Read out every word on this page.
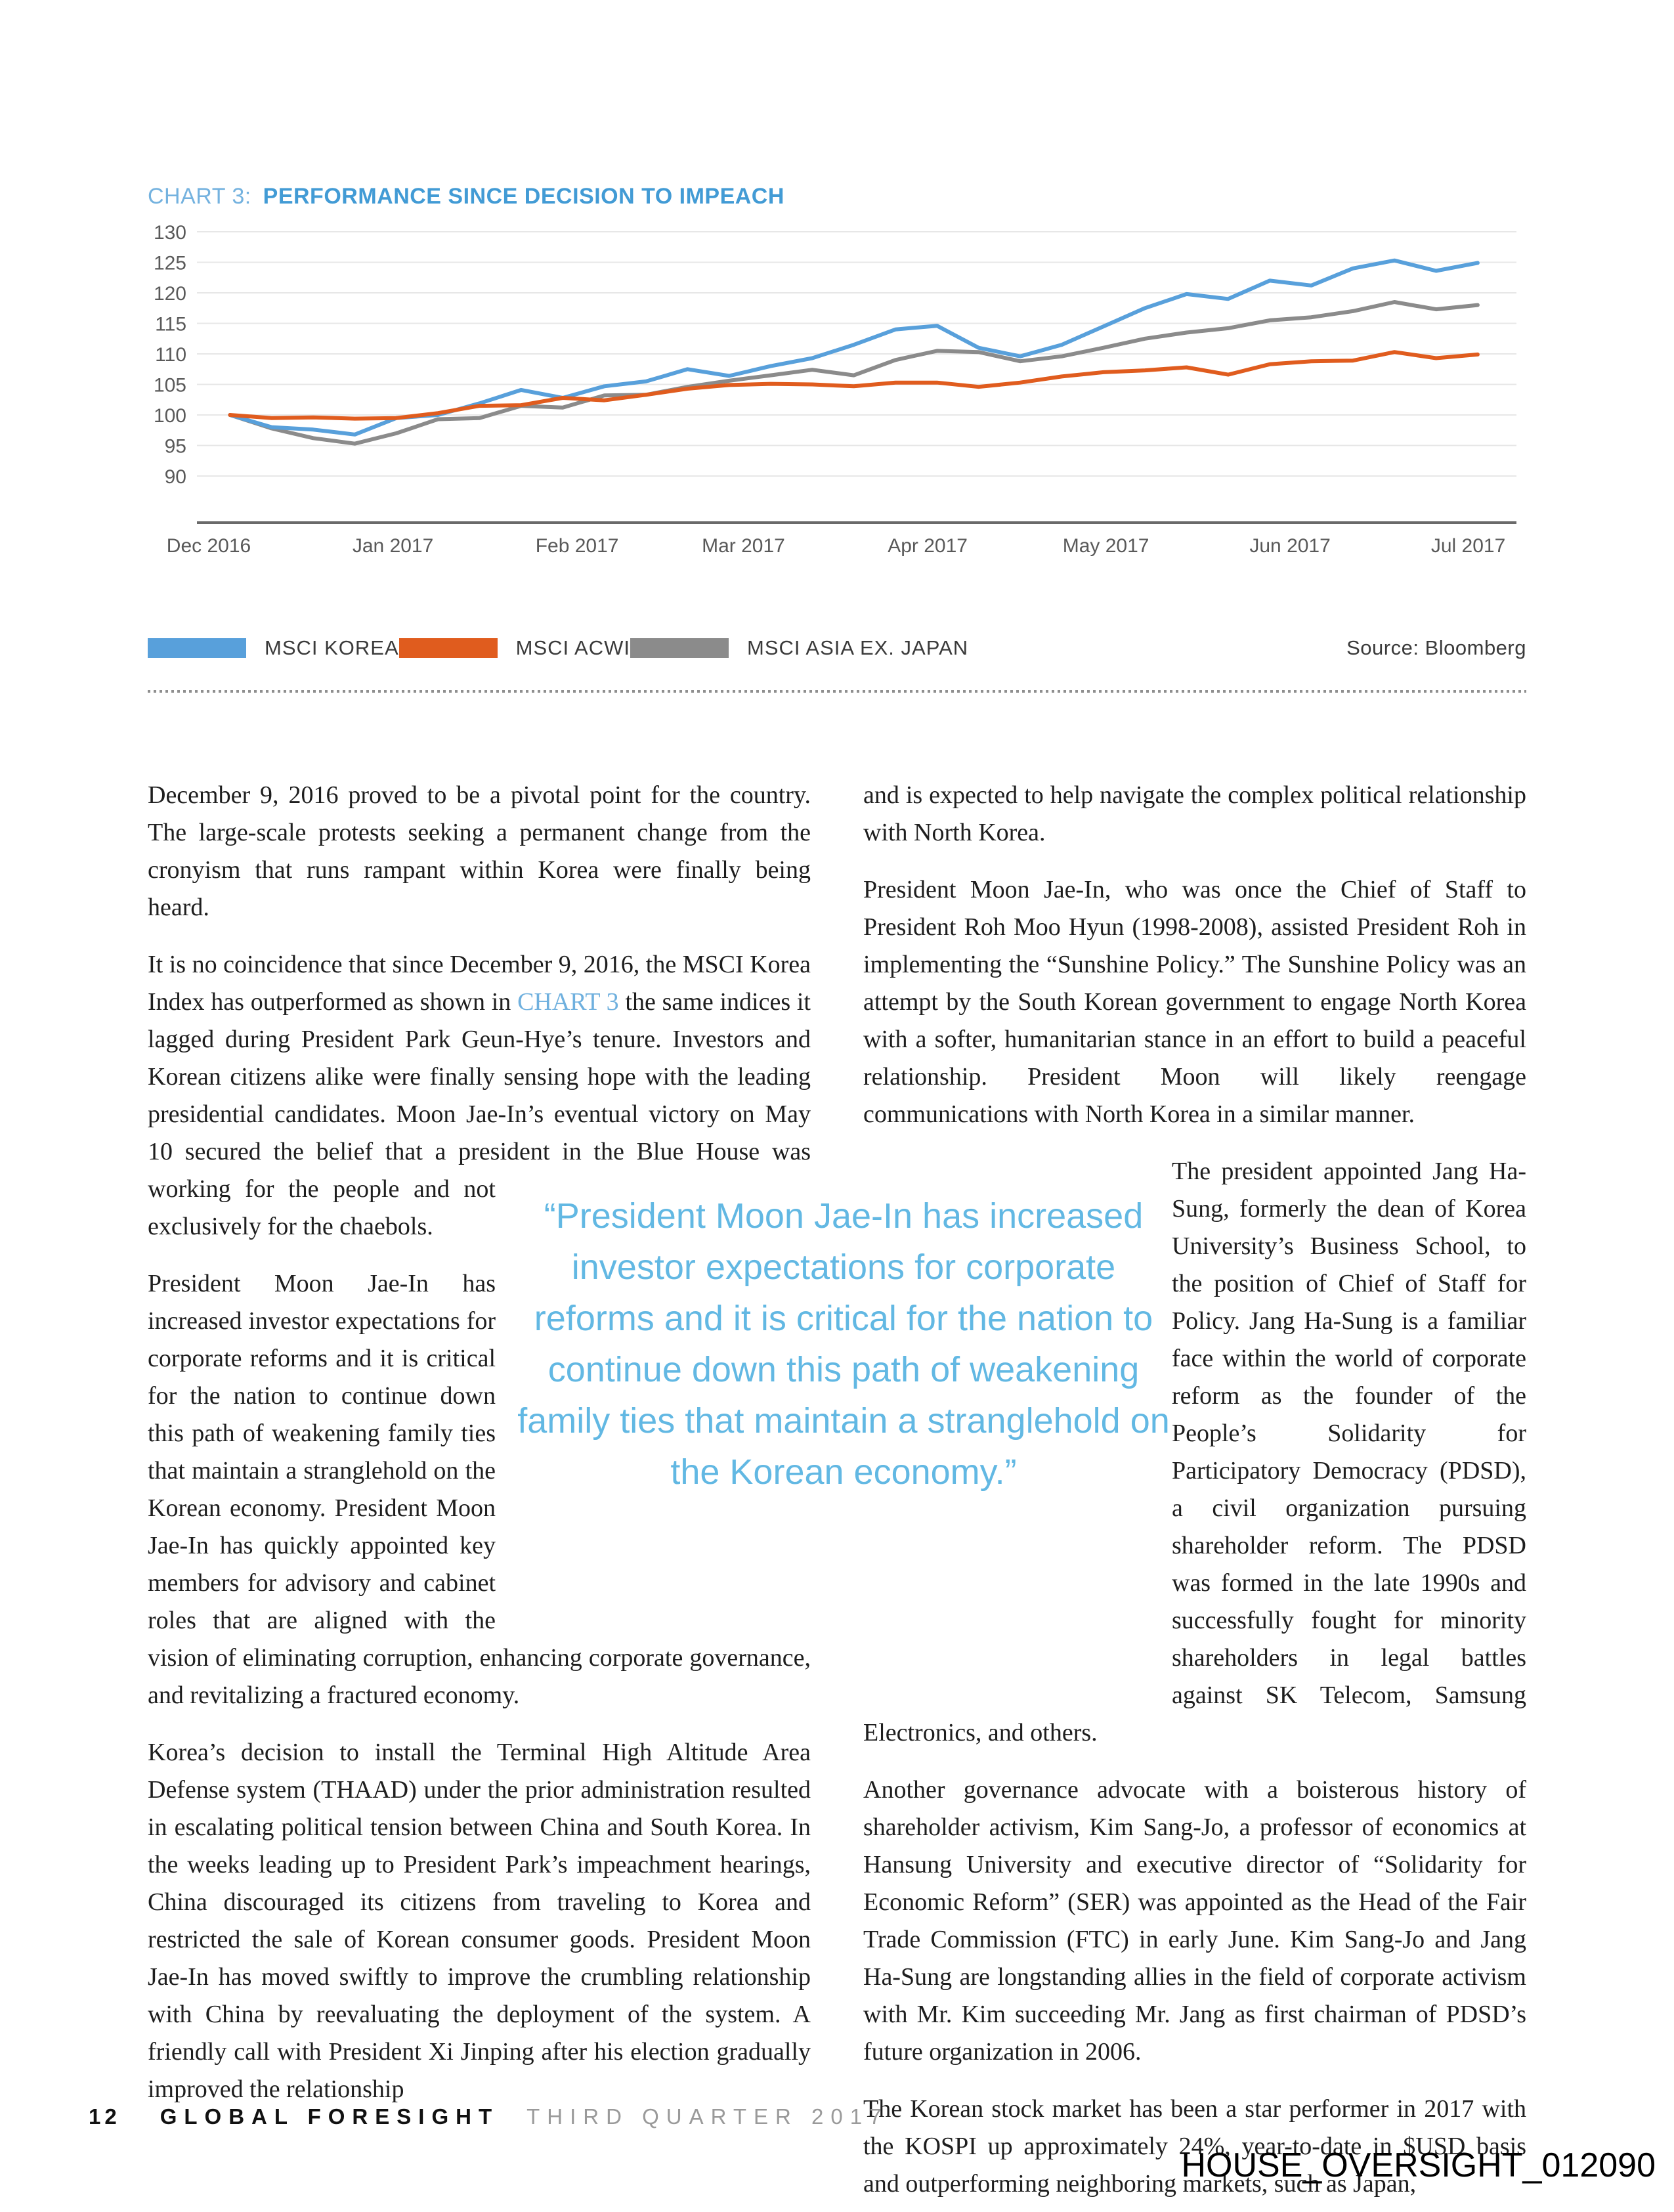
CHART 3: PERFORMANCE SINCE DECISION TO IMPEACH
90
95
100
105
110
115
120
125
130
Dec 2016	Jan 2017	Feb 2017	Mar 2017	Apr 2017	May 2017	Jun 2017	Jul 2017
MSCI KOREA	MSCI ACWI	MSCI ASIA EX. JAPAN	Source: Bloomberg

December 9, 2016 proved to be a pivotal point for the country. The large-scale protests seeking a permanent change from the cronyism that runs rampant within Korea were finally being heard.

It is no coincidence that since December 9, 2016, the MSCI Korea Index has outperformed as shown in CHART 3 the same indices it lagged during President Park Geun-Hye’s tenure. Investors and Korean citizens alike were finally sensing hope with the leading presidential candidates. Moon Jae-In’s eventual victory on May 10 secured the belief that a president in the Blue House was working for the people and not exclusively for the chaebols.

President Moon Jae-In has increased investor expectations for corporate reforms and it is critical for the nation to continue down this path of weakening family ties that maintain a stranglehold on the Korean economy. President Moon Jae-In has quickly appointed key members for advisory and cabinet roles that are aligned with the vision of eliminating corruption, enhancing corporate governance, and revitalizing a fractured economy.

Korea’s decision to install the Terminal High Altitude Area Defense system (THAAD) under the prior administration resulted in escalating political tension between China and South Korea. In the weeks leading up to President Park’s impeachment hearings, China discouraged its citizens from traveling to Korea and restricted the sale of Korean consumer goods. President Moon Jae-In has moved swiftly to improve the crumbling relationship with China by reevaluating the deployment of the system. A friendly call with President Xi Jinping after his election gradually improved the relationship

and is expected to help navigate the complex political relationship with North Korea.

President Moon Jae-In, who was once the Chief of Staff to President Roh Moo Hyun (1998-2008), assisted President Roh in implementing the “Sunshine Policy.” The Sunshine Policy was an attempt by the South Korean government to engage North Korea with a softer, humanitarian stance in an effort to build a peaceful relationship. President Moon will likely reengage communications with North Korea in a similar manner.

The president appointed Jang Ha-Sung, formerly the dean of Korea University’s Business School, to the position of Chief of Staff for Policy. Jang Ha-Sung is a familiar face within the world of corporate reform as the founder of the People’s Solidarity for Participatory Democracy (PDSD), a civil organization pursuing shareholder reform. The PDSD was formed in the late 1990s and successfully fought for minority shareholders in legal battles against SK Telecom, Samsung Electronics, and others.

Another governance advocate with a boisterous history of shareholder activism, Kim Sang-Jo, a professor of economics at Hansung University and executive director of “Solidarity for Economic Reform” (SER) was appointed as the Head of the Fair Trade Commission (FTC) in early June. Kim Sang-Jo and Jang Ha-Sung are longstanding allies in the field of corporate activism with Mr. Kim succeeding Mr. Jang as first chairman of PDSD’s future organization in 2006.

The Korean stock market has been a star performer in 2017 with the KOSPI up approximately 24%, year-to-date in $USD basis and outperforming neighboring markets, such as Japan,

“President Moon Jae-In has increased investor expectations for corporate reforms and it is critical for the nation to continue down this path of weakening family ties that maintain a stranglehold on the Korean economy.”
12 GLOBAL FORESIGHT THIRD QUARTER 2017
HOUSE_OVERSIGHT_012090
